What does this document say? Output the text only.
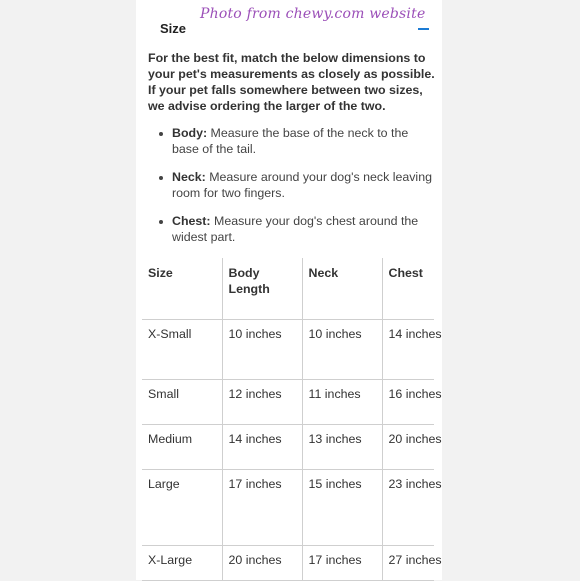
Photo from chewy.com website
Size
For the best fit, match the below dimensions to your pet's measurements as closely as possible. If your pet falls somewhere between two sizes, we advise ordering the larger of the two.
Body: Measure the base of the neck to the base of the tail.
Neck: Measure around your dog's neck leaving room for two fingers.
Chest: Measure your dog's chest around the widest part.
Size	Body Length	Neck	Chest
X-Small	10 inches	10 inches	14 inches
Small	12 inches	11 inches	16 inches
Medium	14 inches	13 inches	20 inches
Large	17 inches	15 inches	23 inches
X-Large	20 inches	17 inches	27 inches
